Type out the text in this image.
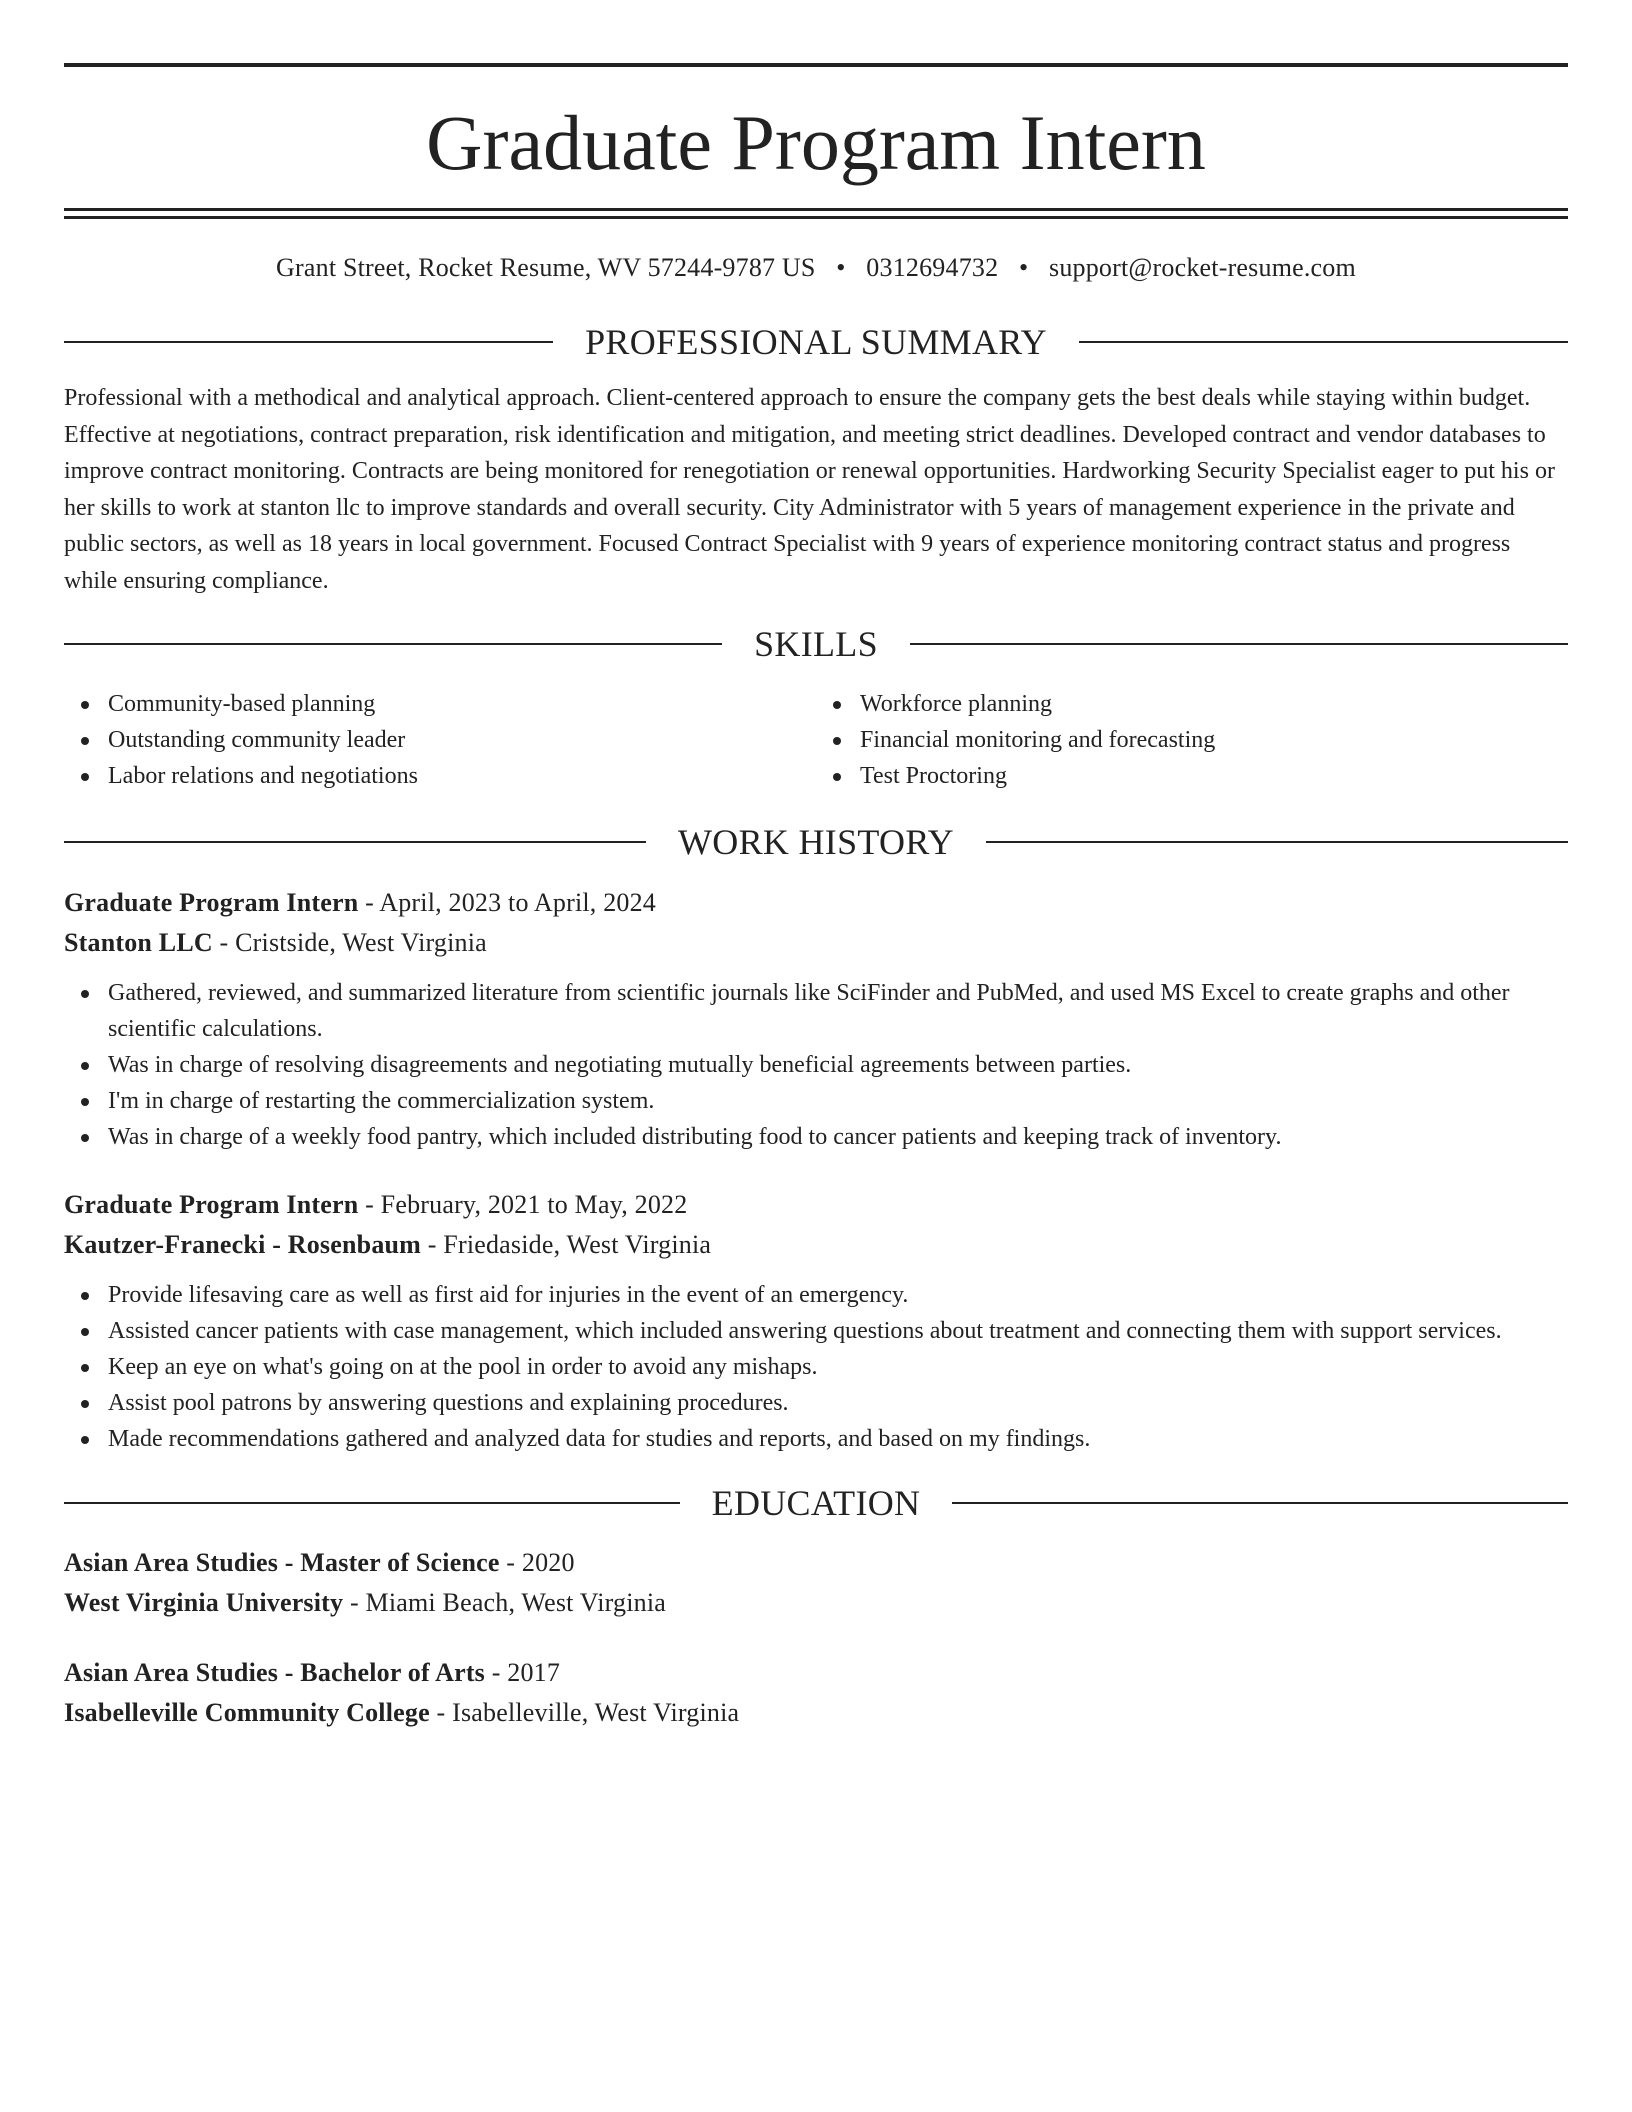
Graduate Program Intern
Grant Street, Rocket Resume, WV 57244-9787 US • 0312694732 • support@rocket-resume.com
PROFESSIONAL SUMMARY
Professional with a methodical and analytical approach. Client-centered approach to ensure the company gets the best deals while staying within budget. Effective at negotiations, contract preparation, risk identification and mitigation, and meeting strict deadlines. Developed contract and vendor databases to improve contract monitoring. Contracts are being monitored for renegotiation or renewal opportunities. Hardworking Security Specialist eager to put his or her skills to work at stanton llc to improve standards and overall security. City Administrator with 5 years of management experience in the private and public sectors, as well as 18 years in local government. Focused Contract Specialist with 9 years of experience monitoring contract status and progress while ensuring compliance.
SKILLS
Community-based planning
Outstanding community leader
Labor relations and negotiations
Workforce planning
Financial monitoring and forecasting
Test Proctoring
WORK HISTORY
Graduate Program Intern - April, 2023 to April, 2024
Stanton LLC - Cristside, West Virginia
Gathered, reviewed, and summarized literature from scientific journals like SciFinder and PubMed, and used MS Excel to create graphs and other scientific calculations.
Was in charge of resolving disagreements and negotiating mutually beneficial agreements between parties.
I'm in charge of restarting the commercialization system.
Was in charge of a weekly food pantry, which included distributing food to cancer patients and keeping track of inventory.
Graduate Program Intern - February, 2021 to May, 2022
Kautzer-Franecki - Rosenbaum - Friedaside, West Virginia
Provide lifesaving care as well as first aid for injuries in the event of an emergency.
Assisted cancer patients with case management, which included answering questions about treatment and connecting them with support services.
Keep an eye on what's going on at the pool in order to avoid any mishaps.
Assist pool patrons by answering questions and explaining procedures.
Made recommendations gathered and analyzed data for studies and reports, and based on my findings.
EDUCATION
Asian Area Studies - Master of Science - 2020
West Virginia University - Miami Beach, West Virginia
Asian Area Studies - Bachelor of Arts - 2017
Isabelleville Community College - Isabelleville, West Virginia
